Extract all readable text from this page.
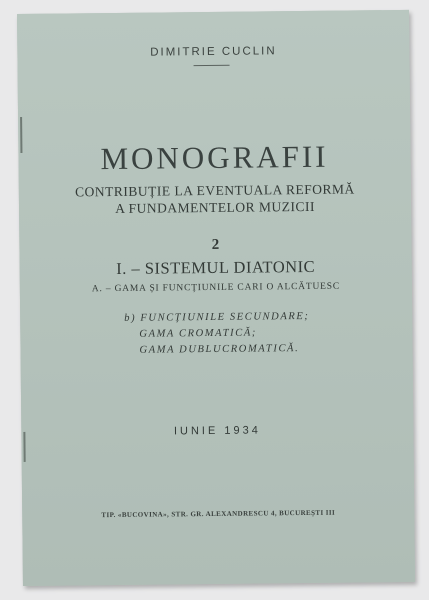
DIMITRIE CUCLIN
MONOGRAFII
CONTRIBUȚIE LA EVENTUALA REFORMĂ
A FUNDAMENTELOR MUZICII
2
I. – SISTEMUL DIATONIC
A. – GAMA ȘI FUNCȚIUNILE CARI O ALCĂTUESC
b) FUNCȚIUNILE SECUNDARE;
GAMA CROMATICĂ;
GAMA DUBLUCROMATICĂ.
IUNIE 1934
TIP. «BUCOVINA», STR. GR. ALEXANDRESCU 4, BUCUREȘTI III
